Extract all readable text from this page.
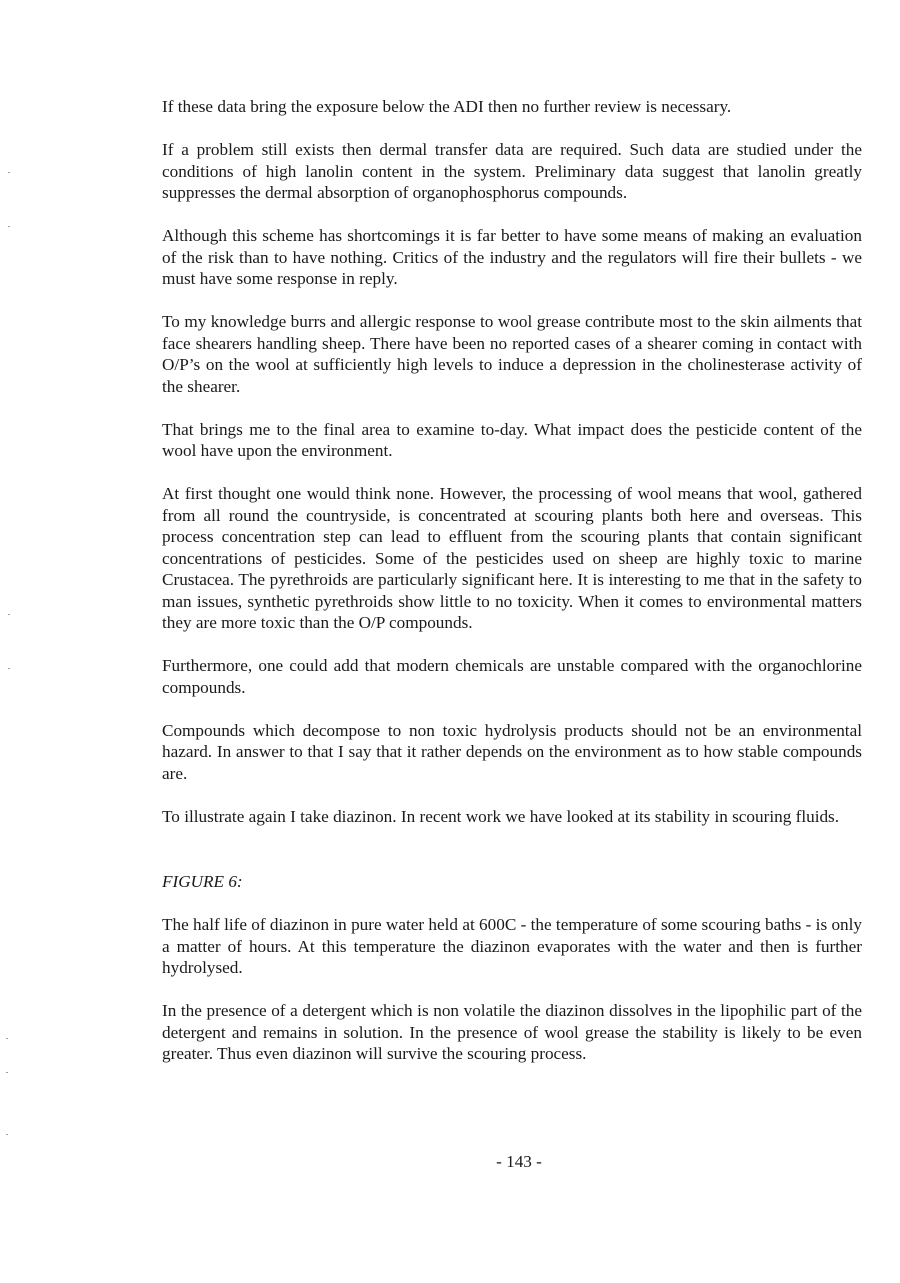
If these data bring the exposure below the ADI then no further review is necessary.

If a problem still exists then dermal transfer data are required. Such data are studied under the conditions of high lanolin content in the system. Preliminary data suggest that lanolin greatly suppresses the dermal absorption of organophosphorus compounds.

Although this scheme has shortcomings it is far better to have some means of making an evaluation of the risk than to have nothing. Critics of the industry and the regulators will fire their bullets - we must have some response in reply.

To my knowledge burrs and allergic response to wool grease contribute most to the skin ailments that face shearers handling sheep. There have been no reported cases of a shearer coming in contact with O/P’s on the wool at sufficiently high levels to induce a depression in the cholinesterase activity of the shearer.

That brings me to the final area to examine to-day. What impact does the pesticide content of the wool have upon the environment.

At first thought one would think none. However, the processing of wool means that wool, gathered from all round the countryside, is concentrated at scouring plants both here and overseas. This process concentration step can lead to effluent from the scouring plants that contain significant concentrations of pesticides. Some of the pesticides used on sheep are highly toxic to marine Crustacea. The pyrethroids are particularly significant here. It is interesting to me that in the safety to man issues, synthetic pyrethroids show little to no toxicity. When it comes to environmental matters they are more toxic than the O/P compounds.

Furthermore, one could add that modern chemicals are unstable compared with the organochlorine compounds.

Compounds which decompose to non toxic hydrolysis products should not be an environmental hazard. In answer to that I say that it rather depends on the environment as to how stable compounds are.

To illustrate again I take diazinon. In recent work we have looked at its stability in scouring fluids.

FIGURE 6:

The half life of diazinon in pure water held at 600C - the temperature of some scouring baths - is only a matter of hours. At this temperature the diazinon evaporates with the water and then is further hydrolysed.

In the presence of a detergent which is non volatile the diazinon dissolves in the lipophilic part of the detergent and remains in solution. In the presence of wool grease the stability is likely to be even greater. Thus even diazinon will survive the scouring process.

- 143 -
